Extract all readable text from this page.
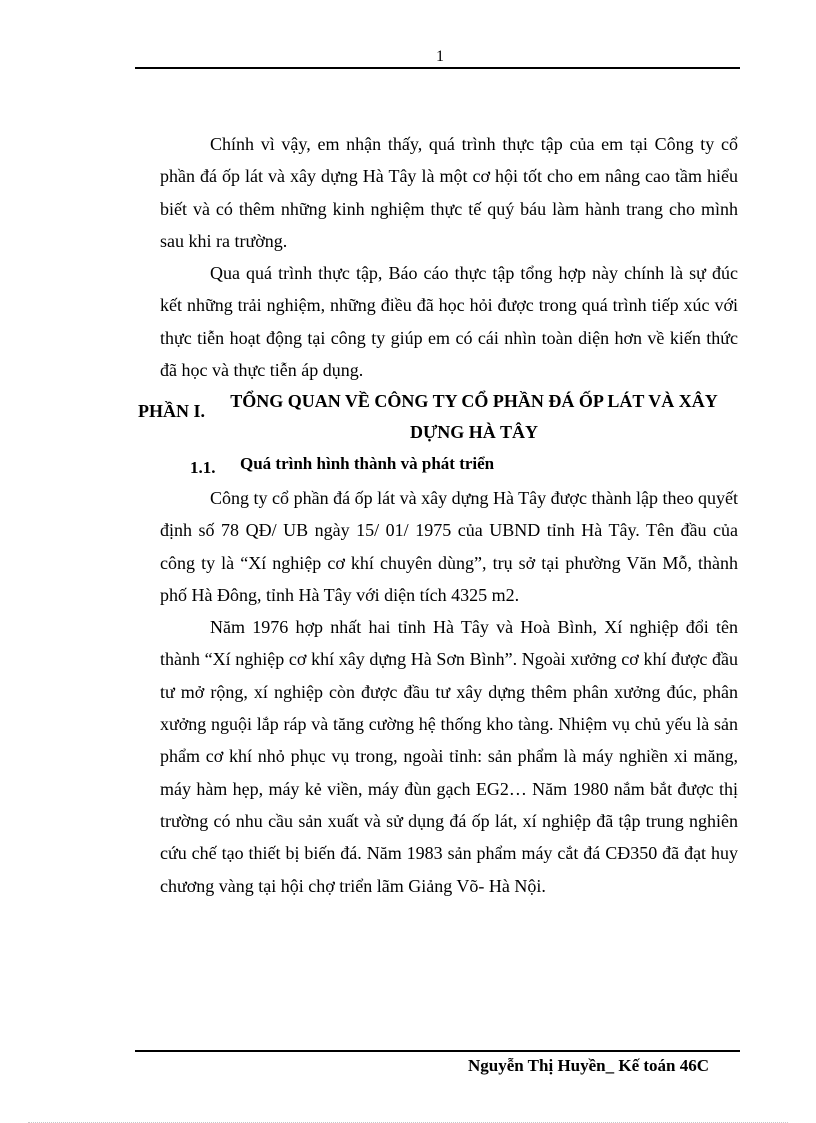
1

Chính vì vậy, em nhận thấy, quá trình thực tập của em tại Công ty cổ phần đá ốp lát và xây dựng Hà Tây là một cơ hội tốt cho em nâng cao tầm hiểu biết và có thêm những kinh nghiệm thực tế quý báu làm hành trang cho mình sau khi ra trường.

Qua quá trình thực tập, Báo cáo thực tập tổng hợp này chính là sự đúc kết những trải nghiệm, những điều đã học hỏi được trong quá trình tiếp xúc với thực tiễn hoạt động tại công ty giúp em có cái nhìn toàn diện hơn về kiến thức đã học và thực tiễn áp dụng.

PHẦN I.	TỔNG QUAN VỀ CÔNG TY CỔ PHẦN ĐÁ ỐP LÁT VÀ XÂY DỰNG HÀ TÂY
1.1. Quá trình hình thành và phát triển

Công ty cổ phần đá ốp lát và xây dựng Hà Tây được thành lập theo quyết định số 78 QĐ/ UB ngày 15/ 01/ 1975 của UBND tỉnh Hà Tây. Tên đầu của công ty là “Xí nghiệp cơ khí chuyên dùng”, trụ sở tại phường Văn Mỗ, thành phố Hà Đông, tỉnh Hà Tây với diện tích 4325 m2.

Năm 1976 hợp nhất hai tỉnh Hà Tây và Hoà Bình, Xí nghiệp đổi tên thành “Xí nghiệp cơ khí xây dựng Hà Sơn Bình”. Ngoài xưởng cơ khí được đầu tư mở rộng, xí nghiệp còn được đầu tư xây dựng thêm phân xưởng đúc, phân xưởng nguội lắp ráp và tăng cường hệ thống kho tàng. Nhiệm vụ chủ yếu là sản phẩm cơ khí nhỏ phục vụ trong, ngoài tỉnh: sản phẩm là máy nghiền xi măng, máy hàm hẹp, máy kẻ viền, máy đùn gạch EG2… Năm 1980 nắm bắt được thị trường có nhu cầu sản xuất và sử dụng đá ốp lát, xí nghiệp đã tập trung nghiên cứu chế tạo thiết bị biến đá. Năm 1983 sản phẩm máy cắt đá CĐ350 đã đạt huy chương vàng tại hội chợ triển lãm Giảng Võ- Hà Nội.

Nguyễn Thị Huyền_ Kế toán 46C
